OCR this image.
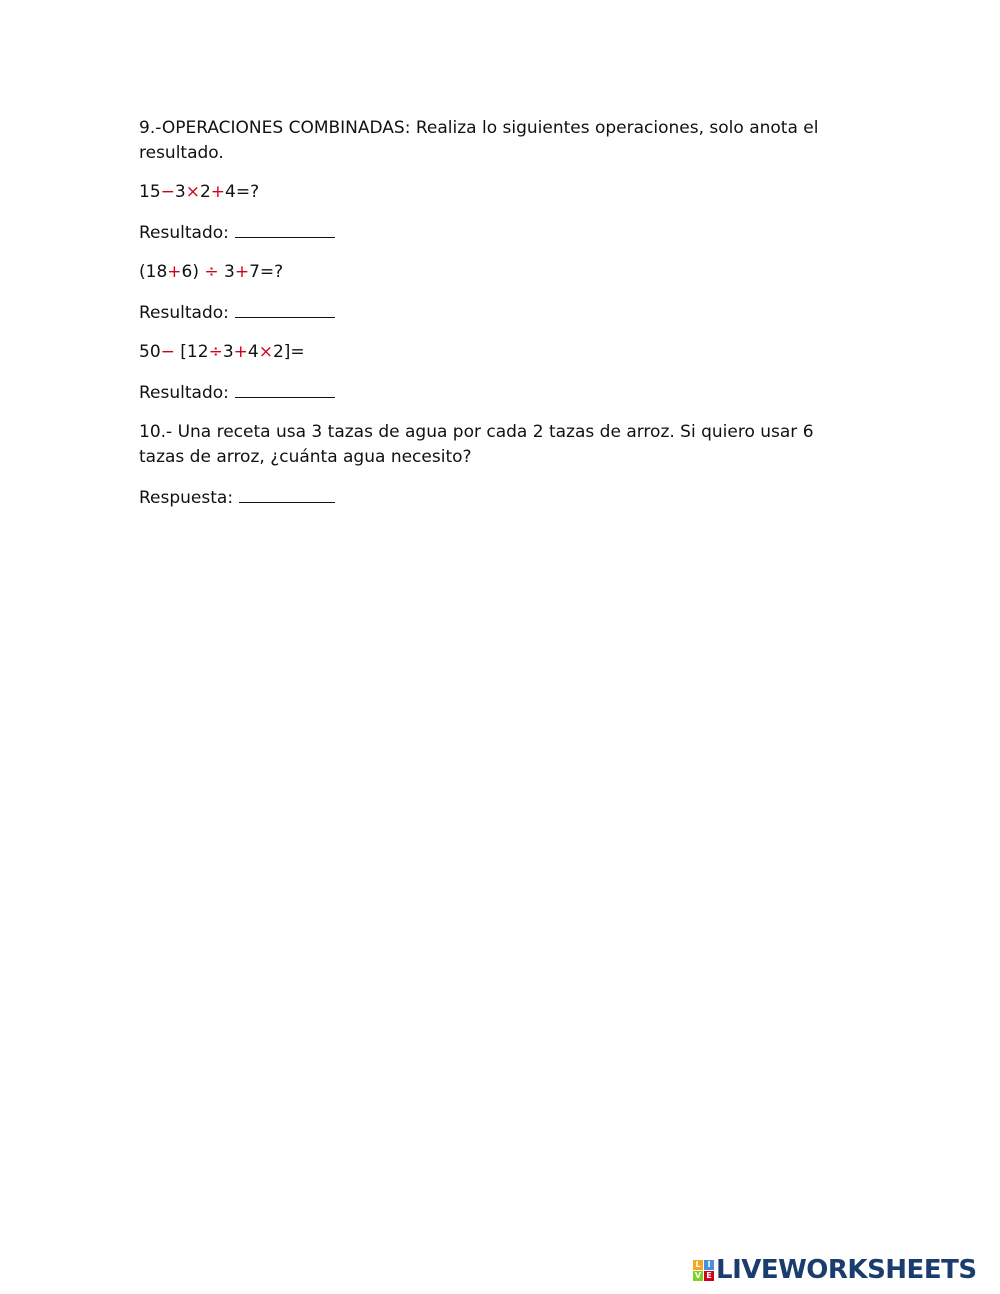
9.-OPERACIONES COMBINADAS: Realiza lo siguientes operaciones, solo anota el resultado.

15−3×2+4=?
Resultado:
(18+6) ÷ 3+7=?
Resultado:
50− [12÷3+4×2]=
Resultado:

10.- Una receta usa 3 tazas de agua por cada 2 tazas de arroz. Si quiero usar 6 tazas de arroz, ¿cuánta agua necesito?

Respuesta:
L I
V E LIVEWORKSHEETS
